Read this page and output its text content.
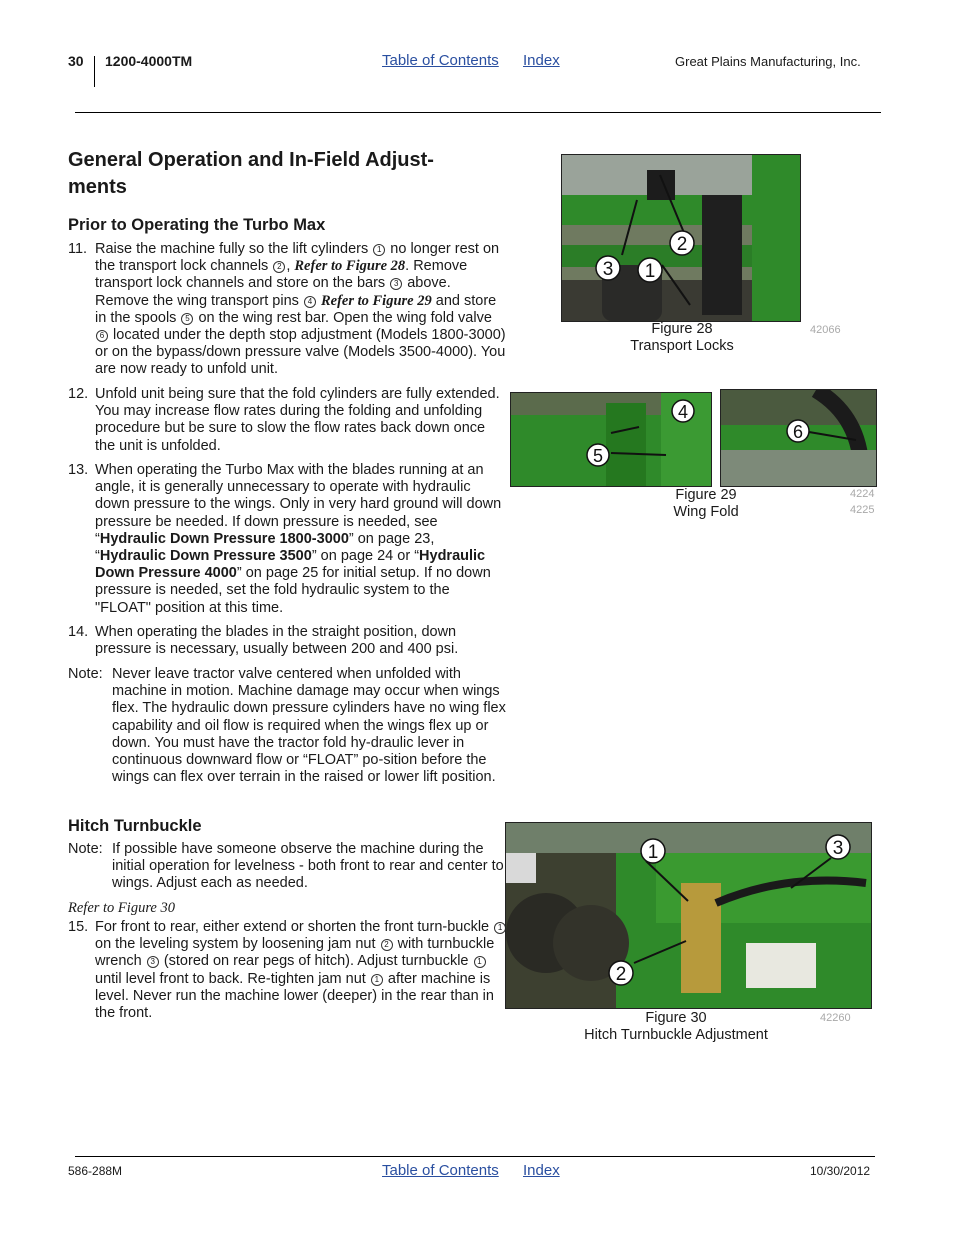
30 1200-4000TM	Table of Contents Index	Great Plains Manufacturing, Inc.
General Operation and In-Field Adjust-
ments
Prior to Operating the Turbo Max
11. Raise the machine fully so the lift cylinders 1 no longer rest on the transport lock channels 2 , Refer to Figure 28. Remove transport lock channels and store on the bars 3 above. Remove the wing transport pins 4 Refer to Figure 29 and store in the spools 5 on the wing rest bar. Open the wing fold valve 6 located under the depth stop adjustment (Models 1800-3000) or on the bypass/down pressure valve (Models 3500-4000). You are now ready to unfold unit.
12. Unfold unit being sure that the fold cylinders are fully extended. You may increase flow rates during the folding and unfolding procedure but be sure to slow the flow rates back down once the unit is unfolded.
13. When operating the Turbo Max with the blades running at an angle, it is generally unnecessary to operate with hydraulic down pressure to the wings. Only in very hard ground will down pressure be needed. If down pressure is needed, see “Hydraulic Down Pressure 1800-3000” on page 23, “Hydraulic Down Pressure 3500” on page 24 or “Hydraulic Down Pressure 4000” on page 25 for initial setup. If no down pressure is needed, set the fold hydraulic system to the "FLOAT" position at this time.
14. When operating the blades in the straight position, down pressure is necessary, usually between 200 and 400 psi.
Note: Never leave tractor valve centered when unfolded with machine in motion. Machine damage may occur when wings flex. The hydraulic down pressure cylinders have no wing flex capability and oil flow is required when the wings flex up or down. You must have the tractor fold hy-draulic lever in continuous downward flow or “FLOAT” po-sition before the wings can flex over terrain in the raised or lower lift position.
Hitch Turnbuckle
Note: If possible have someone observe the machine during the initial operation for levelness - both front to rear and center to wings. Adjust each as needed.
Refer to Figure 30
15. For front to rear, either extend or shorten the front turn-buckle 1 on the leveling system by loosening jam nut 2 with turnbuckle wrench 3 (stored on rear pegs of hitch). Adjust turnbuckle 1 until level front to back. Re-tighten jam nut 1 after machine is level. Never run the machine lower (deeper) in the rear than in the front.
2
3 1
Figure 28
Transport Locks
42066
4
5
6
Figure 29
Wing Fold
4224
4225
1	3
2
Figure 30
Hitch Turnbuckle Adjustment
42260
586-288M	Table of Contents Index	10/30/2012
